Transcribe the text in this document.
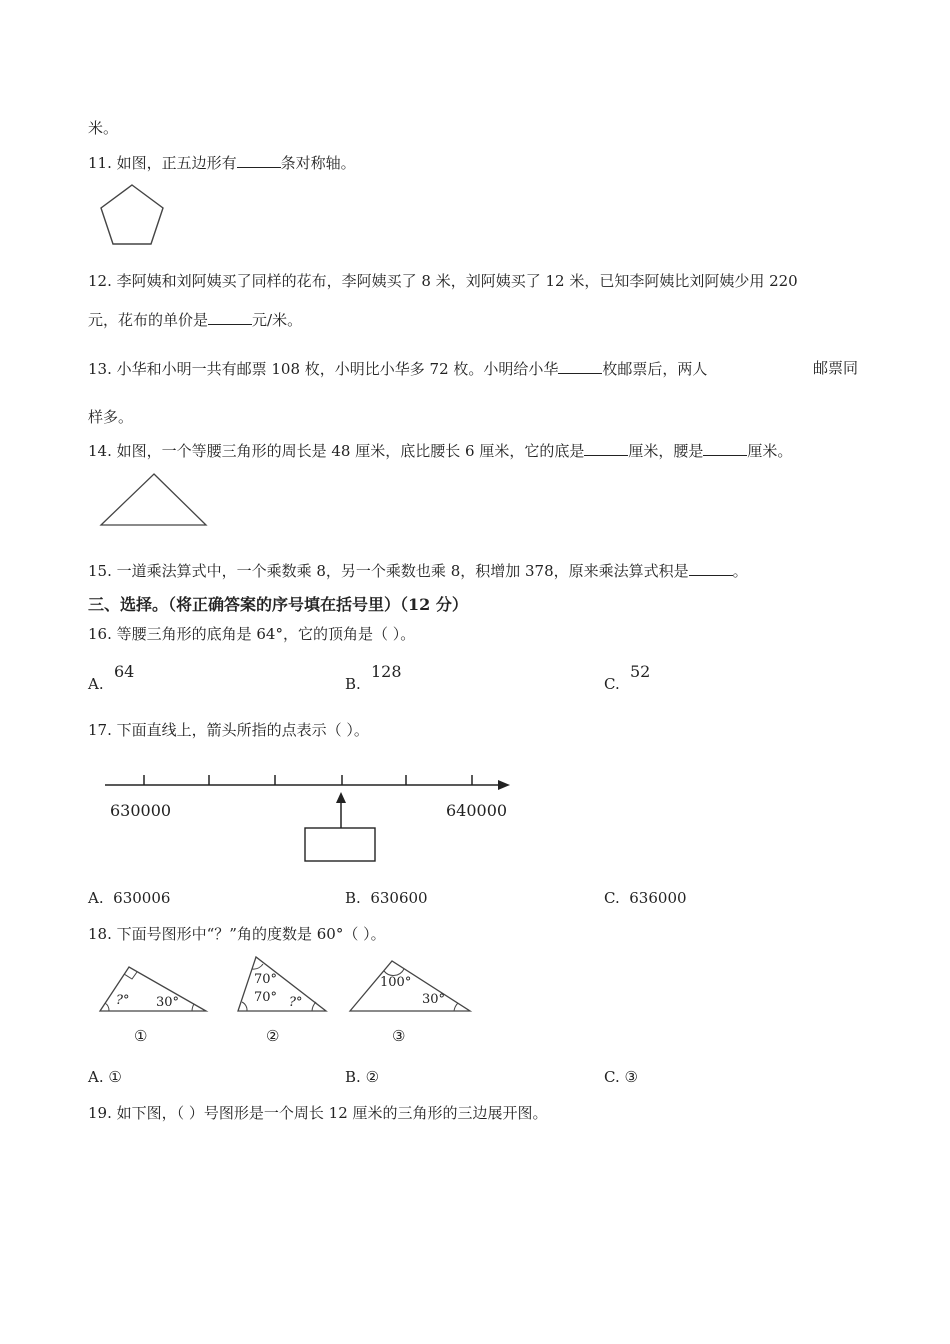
米。
11. 如图，正五边形有	条对称轴。
12. 李阿姨和刘阿姨买了同样的花布，李阿姨买了 8 米，刘阿姨买了 12 米，已知李阿姨比刘阿姨少用 220
元，花布的单价是	元/米。
13. 小华和小明一共有邮票 108 枚，小明比小华多 72 枚。小明给小华	枚邮票后，两人	邮票同
样多。
14. 如图，一个等腰三角形的周长是 48 厘米，底比腰长 6 厘米，它的底是	厘米，腰是	厘米。
15. 一道乘法算式中，一个乘数乘 8，另一个乘数也乘 8，积增加 378，原来乘法算式积是	。
三、选择。（将正确答案的序号填在括号里）（12 分）
16. 等腰三角形的底角是 64°，它的顶角是（ ）。
A.
64
B.
128
C.
52
17. 下面直线上，箭头所指的点表示（ ）。
630000	640000
A. 630006	B. 630600	C. 636000
18. 下面号图形中“？”角的度数是 60°（ ）。
?° 30°
①
70°
70° ?°
②
100°
30°
③
A. ①	B. ②	C. ③
19. 如下图，（ ）号图形是一个周长 12 厘米的三角形的三边展开图。
